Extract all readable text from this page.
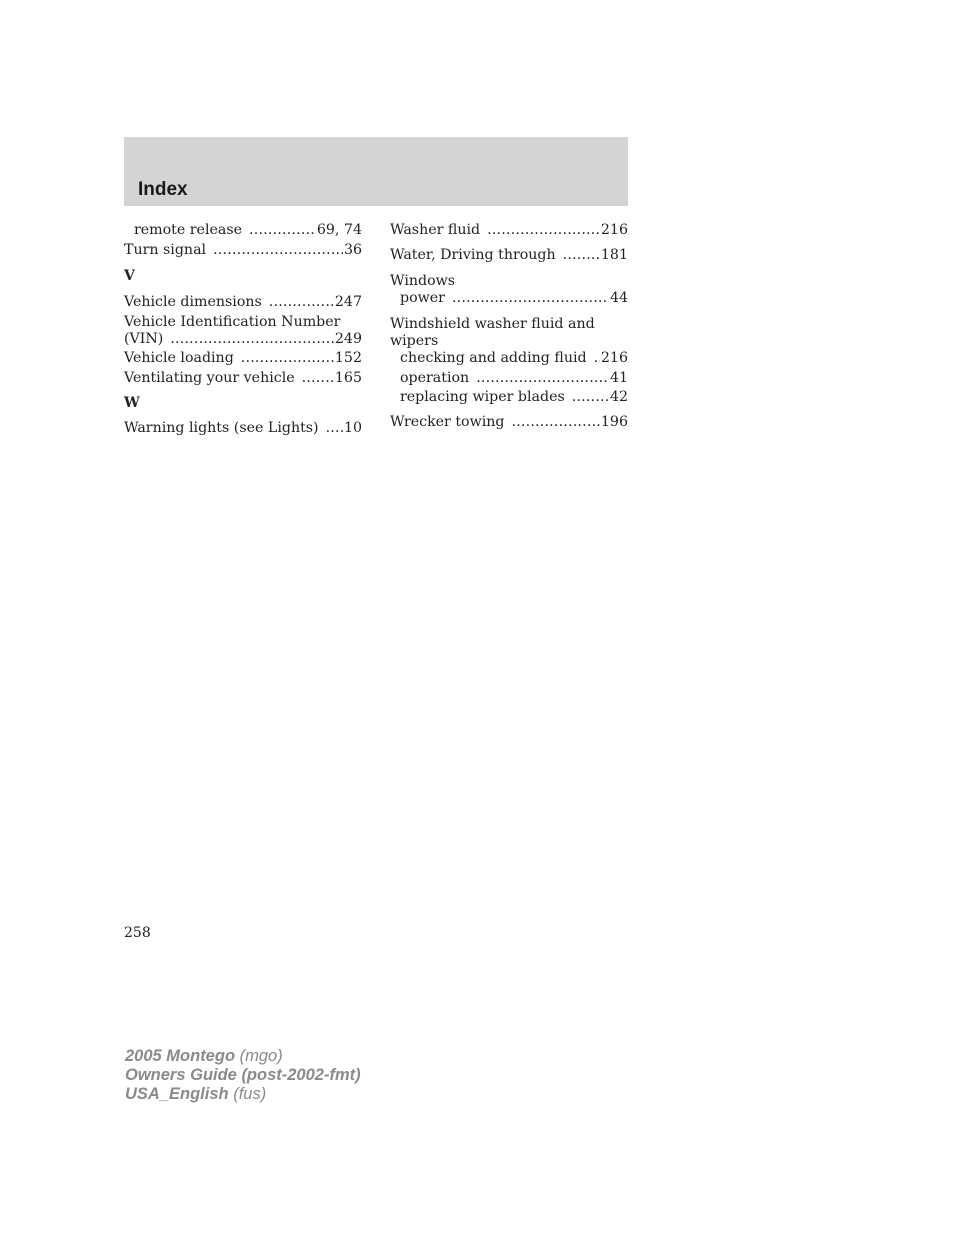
Index
remote release .....	69, 74
Turn signal .....	36
V
Vehicle dimensions .....	247
Vehicle Identification Number
(VIN) .....	249
Vehicle loading .....	152
Ventilating your vehicle .....	165
W
Warning lights (see Lights) ..... 10
Washer fluid .....	216
Water, Driving through .....	181
Windows
power .....	44
Windshield washer fluid and
wipers
checking and adding fluid ..... 216
operation .....	41
replacing wiper blades .....	42
Wrecker towing .....	196
258
2005 Montego (mgo)
Owners Guide (post-2002-fmt)
USA_English (fus)
